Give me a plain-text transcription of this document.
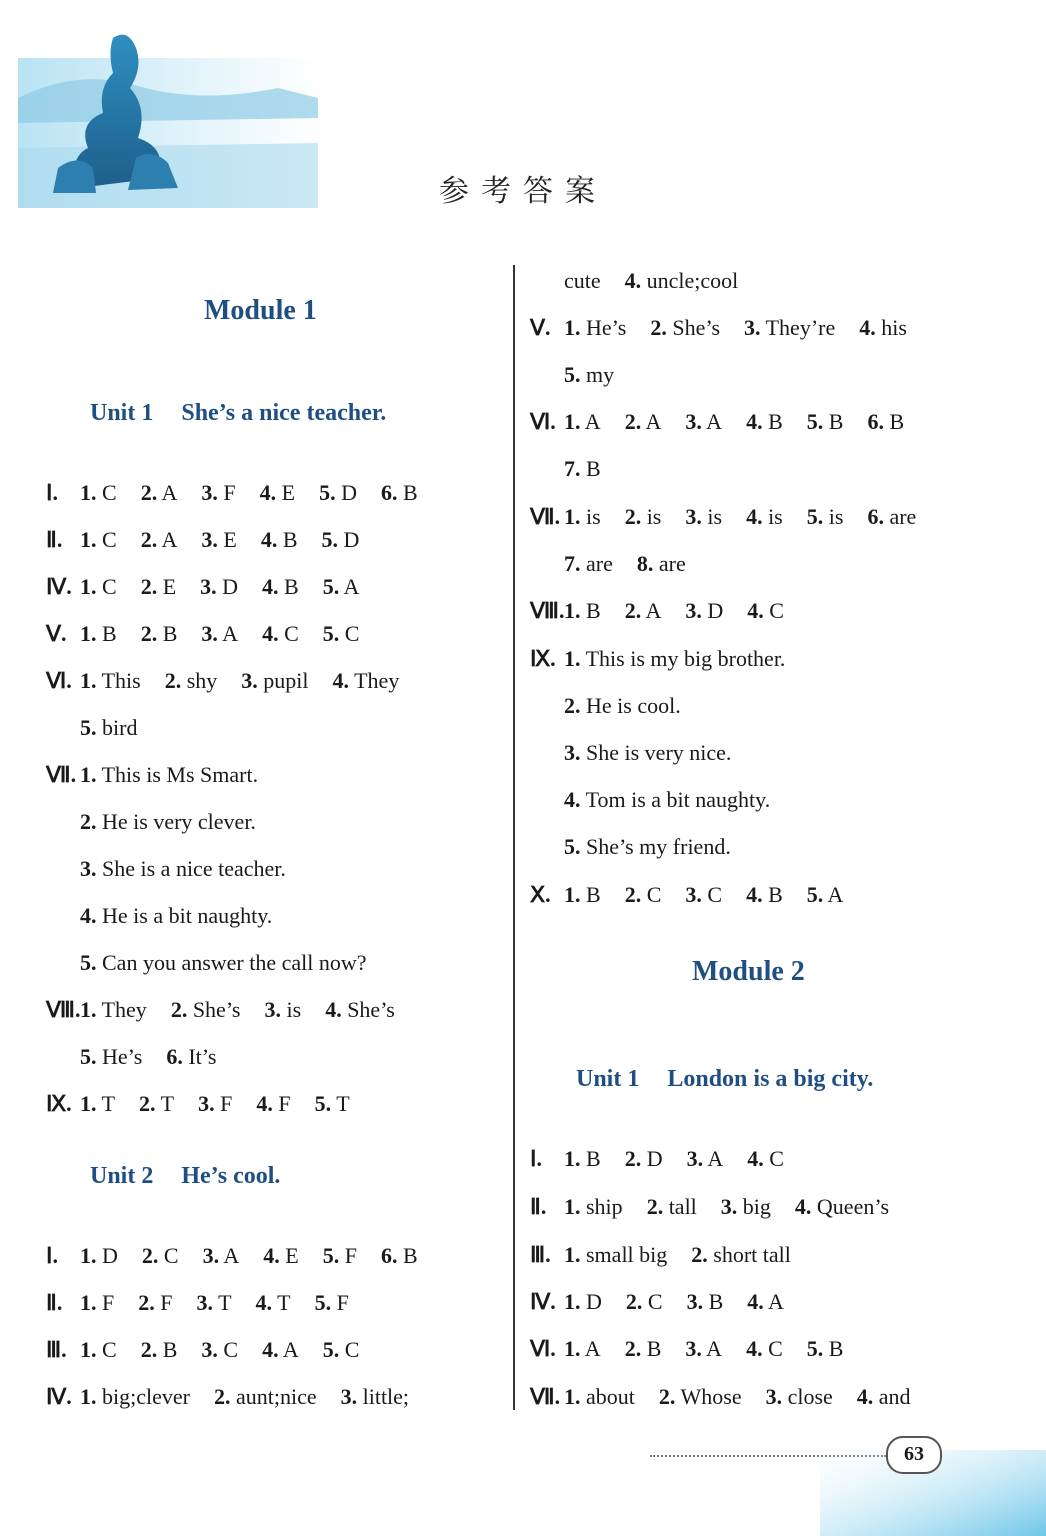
参考答案
Module 1
Unit 1 She’s a nice teacher.
Ⅰ. 1. C 2. A 3. F 4. E 5. D 6. B
Ⅱ. 1. C 2. A 3. E 4. B 5. D
Ⅳ. 1. C 2. E 3. D 4. B 5. A
Ⅴ. 1. B 2. B 3. A 4. C 5. C
Ⅵ. 1. This 2. shy 3. pupil 4. They
5. bird
Ⅶ. 1. This is Ms Smart.
2. He is very clever.
3. She is a nice teacher.
4. He is a bit naughty.
5. Can you answer the call now?
Ⅷ.1. They 2. She’s 3. is 4. She’s
5. He’s 6. It’s
Ⅸ. 1. T 2. T 3. F 4. F 5. T
Unit 2 He’s cool.
Ⅰ. 1. D 2. C 3. A 4. E 5. F 6. B
Ⅱ. 1. F 2. F 3. T 4. T 5. F
Ⅲ. 1. C 2. B 3. C 4. A 5. C
Ⅳ. 1. big;clever 2. aunt;nice 3. little;
cute 4. uncle;cool
Ⅴ. 1. He’s 2. She’s 3. They’re 4. his
5. my
Ⅵ. 1. A 2. A 3. A 4. B 5. B 6. B
7. B
Ⅶ. 1. is 2. is 3. is 4. is 5. is 6. are
7. are 8. are
Ⅷ.1. B 2. A 3. D 4. C
Ⅸ. 1. This is my big brother.
2. He is cool.
3. She is very nice.
4. Tom is a bit naughty.
5. She’s my friend.
Ⅹ. 1. B 2. C 3. C 4. B 5. A
Module 2
Unit 1 London is a big city.
Ⅰ. 1. B 2. D 3. A 4. C
Ⅱ. 1. ship 2. tall 3. big 4. Queen’s
Ⅲ. 1. small big 2. short tall
Ⅳ. 1. D 2. C 3. B 4. A
Ⅵ. 1. A 2. B 3. A 4. C 5. B
Ⅶ. 1. about 2. Whose 3. close 4. and
63
